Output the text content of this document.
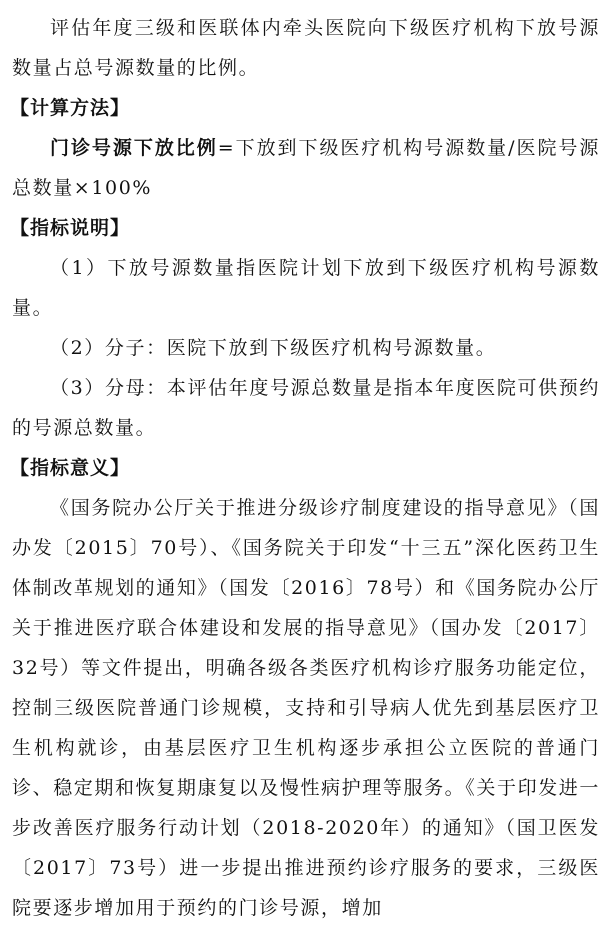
评估年度三级和医联体内牵头医院向下级医疗机构下放号源数量占总号源数量的比例。

【计算方法】

门诊号源下放比例=下放到下级医疗机构号源数量/医院号源总数量×100%

【指标说明】

（1）下放号源数量指医院计划下放到下级医疗机构号源数量。

（2）分子：医院下放到下级医疗机构号源数量。

（3）分母：本评估年度号源总数量是指本年度医院可供预约的号源总数量。

【指标意义】

《国务院办公厅关于推进分级诊疗制度建设的指导意见》（国办发〔2015〕70号）、《国务院关于印发“十三五”深化医药卫生体制改革规划的通知》（国发〔2016〕78号）和《国务院办公厅关于推进医疗联合体建设和发展的指导意见》（国办发〔2017〕32号）等文件提出，明确各级各类医疗机构诊疗服务功能定位，控制三级医院普通门诊规模，支持和引导病人优先到基层医疗卫生机构就诊，由基层医疗卫生机构逐步承担公立医院的普通门诊、稳定期和恢复期康复以及慢性病护理等服务。《关于印发进一步改善医疗服务行动计划（2018-2020年）的通知》（国卫医发〔2017〕73号）进一步提出推进预约诊疗服务的要求，三级医院要逐步增加用于预约的门诊号源，增加
